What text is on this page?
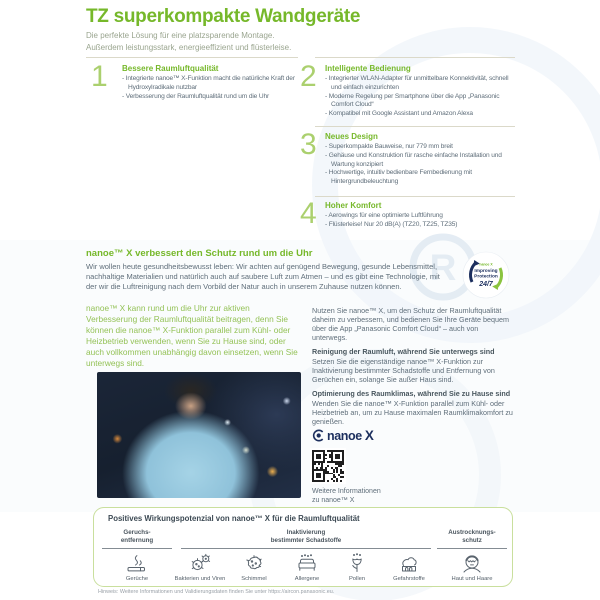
R
TZ superkompakte Wandgeräte
Die perfekte Lösung für eine platzsparende Montage.
Außerdem leistungsstark, energieeffizient und flüsterleise.
1 Bessere Raumluftqualität
- Integrierte nanoe™ X-Funktion macht die natürliche Kraft der Hydroxylradikale nutzbar
- Verbesserung der Raumluftqualität rund um die Uhr
2 Intelligente Bedienung
- Integrierter WLAN-Adapter für unmittelbare Konnektivität, schnell und einfach einzurichten
- Moderne Regelung per Smartphone über die App „Panasonic Comfort Cloud“
- Kompatibel mit Google Assistant und Amazon Alexa
3 Neues Design
- Superkompakte Bauweise, nur 779 mm breit
- Gehäuse und Konstruktion für rasche einfache Installation und Wartung konzipiert
- Hochwertige, intuitiv bedienbare Fernbedienung mit Hintergrundbeleuchtung
4 Hoher Komfort
- Aerowings für eine optimierte Luftführung
- Flüsterleise! Nur 20 dB(A) (TZ20, TZ25, TZ35)
nanoe™ X verbessert den Schutz rund um die Uhr
Wir wollen heute gesundheitsbewusst leben: Wir achten auf genügend Bewegung, gesunde Lebensmittel, nachhaltige Materialien und natürlich auch auf saubere Luft zum Atmen – und es gibt eine Technologie, mit der wir die Luftreinigung nach dem Vorbild der Natur auch in unserem Zuhause nutzen können.
nanoe™ X kann rund um die Uhr zur aktiven Verbesserung der Raumluftqualität beitragen, denn Sie können die nanoe™ X-Funktion parallel zum Kühl- oder Heizbetrieb verwenden, wenn Sie zu Hause sind, oder auch vollkommen unabhängig davon einsetzen, wenn Sie unterwegs sind.
nanoe X
Improving
Protection
24/7

Nutzen Sie nanoe™ X, um den Schutz der Raumluftqualität daheim zu verbessern, und bedienen Sie Ihre Geräte bequem über die App „Panasonic Comfort Cloud“ – auch von unterwegs.

Reinigung der Raumluft, während Sie unterwegs sind

Setzen Sie die eigenständige nanoe™ X-Funktion zur Inaktivierung bestimmter Schadstoffe und Entfernung von Gerüchen ein, solange Sie außer Haus sind.

Optimierung des Raumklimas, während Sie zu Hause sind

Wenden Sie die nanoe™ X-Funktion parallel zum Kühl- oder Heizbetrieb an, um zu Hause maximalen Raumklimakomfort zu genießen.

nanoe X
Weitere Informationen
zu nanoe™ X
Positives Wirkungspotenzial von nanoe™ X für die Raumluftqualität
Geruchs-
entfernung
Inaktivierung
bestimmter Schadstoffe
Austrocknungs-
schutz
Gerüche	Bakterien und Viren	Schimmel	Allergene	Pollen	Gefahrstoffe	Haut und Haare
Hinweis: Weitere Informationen und Validierungsdaten finden Sie unter https://aircon.panasonic.eu.
